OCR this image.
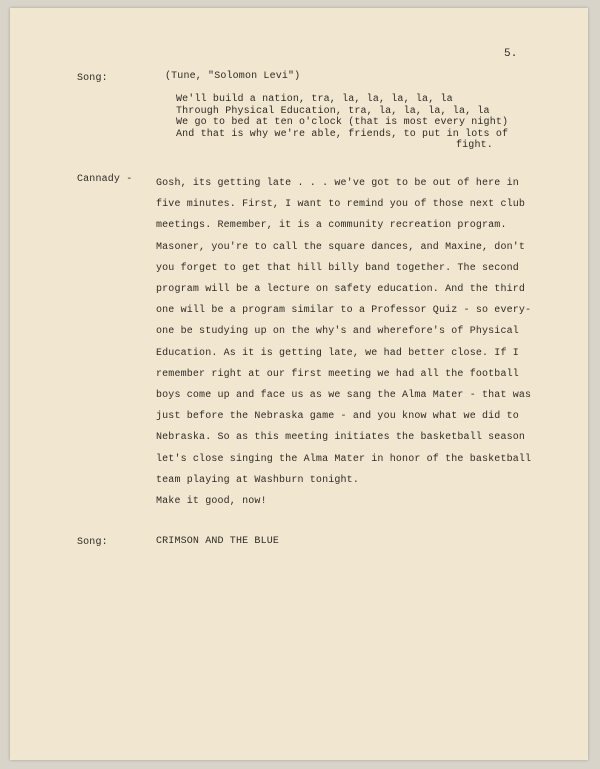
5.
Song:	(Tune, "Solomon Levi")
We'll build a nation, tra, la, la, la, la, la
Through Physical Education, tra, la, la, la, la, la
We go to bed at ten o'clock (that is most every night)
And that is why we're able, friends, to put in lots of
fight.
Cannady - Gosh, its getting late . . . we've got to be out of here in
five minutes. First, I want to remind you of those next club
meetings. Remember, it is a community recreation program.
Masoner, you're to call the square dances, and Maxine, don't
you forget to get that hill billy band together. The second
program will be a lecture on safety education. And the third
one will be a program similar to a Professor Quiz - so every-
one be studying up on the why's and wherefore's of Physical
Education. As it is getting late, we had better close. If I
remember right at our first meeting we had all the football
boys come up and face us as we sang the Alma Mater - that was
just before the Nebraska game - and you know what we did to
Nebraska. So as this meeting initiates the basketball season
let's close singing the Alma Mater in honor of the basketball
team playing at Washburn tonight.
Make it good, now!
Song:	CRIMSON AND THE BLUE
